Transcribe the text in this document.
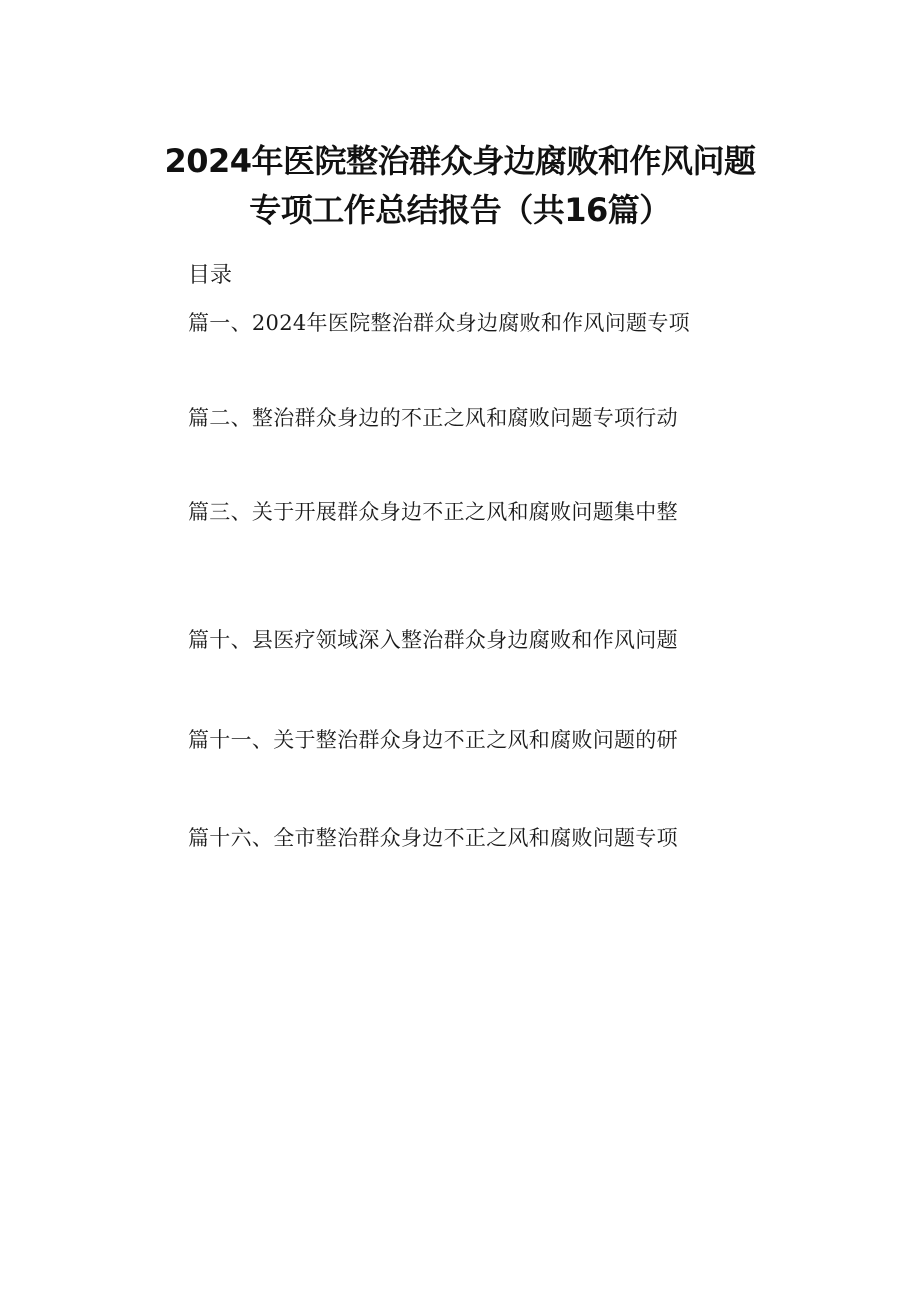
2024年医院整治群众身边腐败和作风问题
专项工作总结报告（共16篇）
目录
篇一、2024年医院整治群众身边腐败和作风问题专项
篇二、整治群众身边的不正之风和腐败问题专项行动
篇三、关于开展群众身边不正之风和腐败问题集中整
篇十、县医疗领域深入整治群众身边腐败和作风问题
篇十一、关于整治群众身边不正之风和腐败问题的研
篇十六、全市整治群众身边不正之风和腐败问题专项
